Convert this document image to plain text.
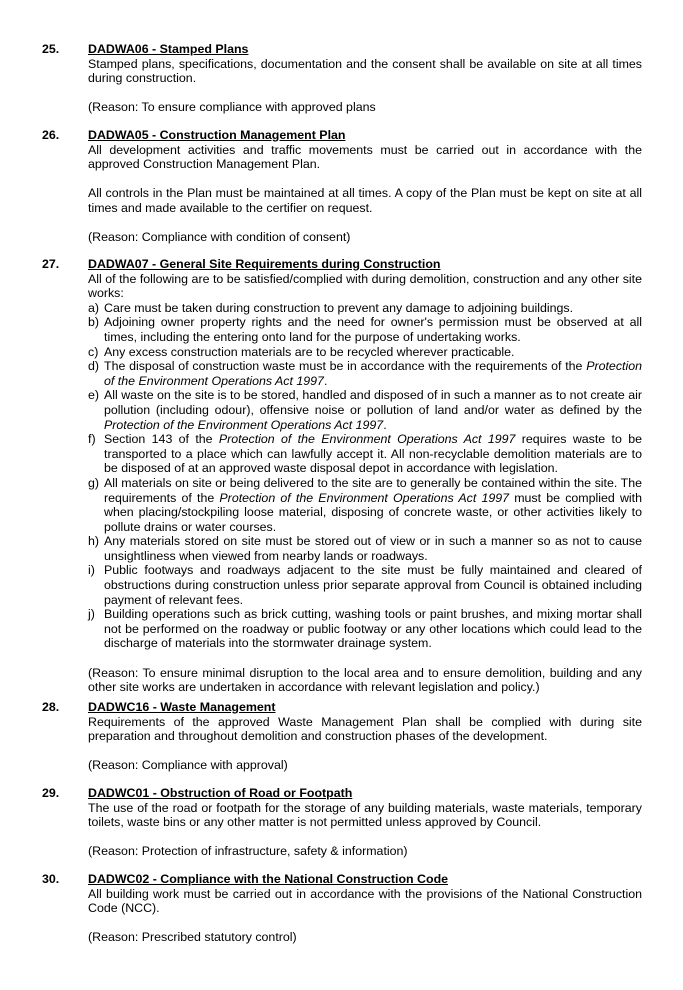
25. DADWA06 - Stamped Plans

Stamped plans, specifications, documentation and the consent shall be available on site at all times during construction.

(Reason: To ensure compliance with approved plans

26. DADWA05 - Construction Management Plan

All development activities and traffic movements must be carried out in accordance with the approved Construction Management Plan.

All controls in the Plan must be maintained at all times. A copy of the Plan must be kept on site at all times and made available to the certifier on request.

(Reason: Compliance with condition of consent)

27. DADWA07 - General Site Requirements during Construction

All of the following are to be satisfied/complied with during demolition, construction and any other site works:

a) Care must be taken during construction to prevent any damage to adjoining buildings.
b) Adjoining owner property rights and the need for owner's permission must be observed at all times, including the entering onto land for the purpose of undertaking works.
c) Any excess construction materials are to be recycled wherever practicable.
d) The disposal of construction waste must be in accordance with the requirements of the Protection of the Environment Operations Act 1997.
e) All waste on the site is to be stored, handled and disposed of in such a manner as to not create air pollution (including odour), offensive noise or pollution of land and/or water as defined by the Protection of the Environment Operations Act 1997.
f) Section 143 of the Protection of the Environment Operations Act 1997 requires waste to be transported to a place which can lawfully accept it. All non-recyclable demolition materials are to be disposed of at an approved waste disposal depot in accordance with legislation.
g) All materials on site or being delivered to the site are to generally be contained within the site. The requirements of the Protection of the Environment Operations Act 1997 must be complied with when placing/stockpiling loose material, disposing of concrete waste, or other activities likely to pollute drains or water courses.
h) Any materials stored on site must be stored out of view or in such a manner so as not to cause unsightliness when viewed from nearby lands or roadways.
i) Public footways and roadways adjacent to the site must be fully maintained and cleared of obstructions during construction unless prior separate approval from Council is obtained including payment of relevant fees.
j) Building operations such as brick cutting, washing tools or paint brushes, and mixing mortar shall not be performed on the roadway or public footway or any other locations which could lead to the discharge of materials into the stormwater drainage system.

(Reason: To ensure minimal disruption to the local area and to ensure demolition, building and any other site works are undertaken in accordance with relevant legislation and policy.)

28. DADWC16 - Waste Management

Requirements of the approved Waste Management Plan shall be complied with during site preparation and throughout demolition and construction phases of the development.

(Reason: Compliance with approval)

29. DADWC01 - Obstruction of Road or Footpath

The use of the road or footpath for the storage of any building materials, waste materials, temporary toilets, waste bins or any other matter is not permitted unless approved by Council.

(Reason: Protection of infrastructure, safety & information)

30. DADWC02 - Compliance with the National Construction Code

All building work must be carried out in accordance with the provisions of the National Construction Code (NCC).

(Reason: Prescribed statutory control)
